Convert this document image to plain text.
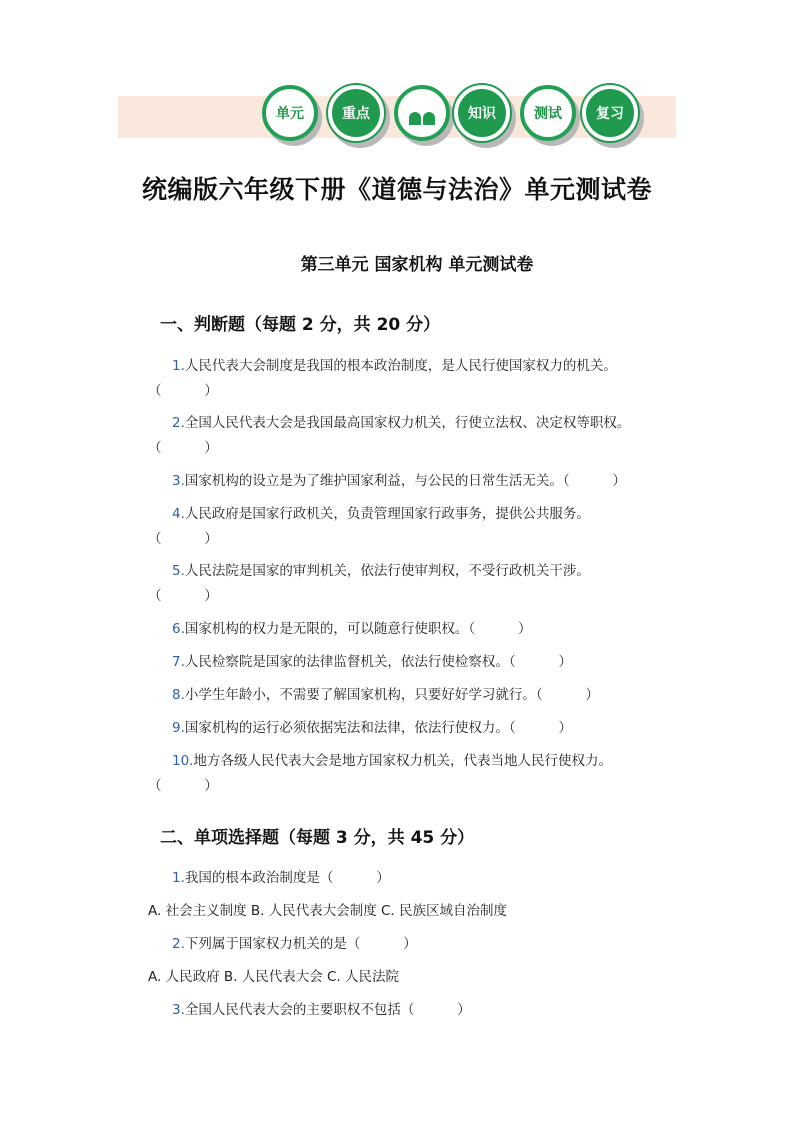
单元	重点	知识	测试	复习
统编版六年级下册《道德与法治》单元测试卷
第三单元 国家机构 单元测试卷
一、判断题（每题 2 分，共 20 分）
1.人民代表大会制度是我国的根本政治制度，是人民行使国家权力的机关。
（          ）
2.全国人民代表大会是我国最高国家权力机关，行使立法权、决定权等职权。
（          ）
3.国家机构的设立是为了维护国家利益，与公民的日常生活无关。（          ）
4.人民政府是国家行政机关，负责管理国家行政事务，提供公共服务。
（          ）
5.人民法院是国家的审判机关，依法行使审判权，不受行政机关干涉。
（          ）
6.国家机构的权力是无限的，可以随意行使职权。（          ）
7.人民检察院是国家的法律监督机关，依法行使检察权。（          ）
8.小学生年龄小，不需要了解国家机构，只要好好学习就行。（          ）
9.国家机构的运行必须依据宪法和法律，依法行使权力。（          ）
10.地方各级人民代表大会是地方国家权力机关，代表当地人民行使权力。
（          ）
二、单项选择题（每题 3 分，共 45 分）
1.我国的根本政治制度是（          ）
A. 社会主义制度 B. 人民代表大会制度 C. 民族区域自治制度
2.下列属于国家权力机关的是（          ）
A. 人民政府 B. 人民代表大会 C. 人民法院
3.全国人民代表大会的主要职权不包括（          ）
